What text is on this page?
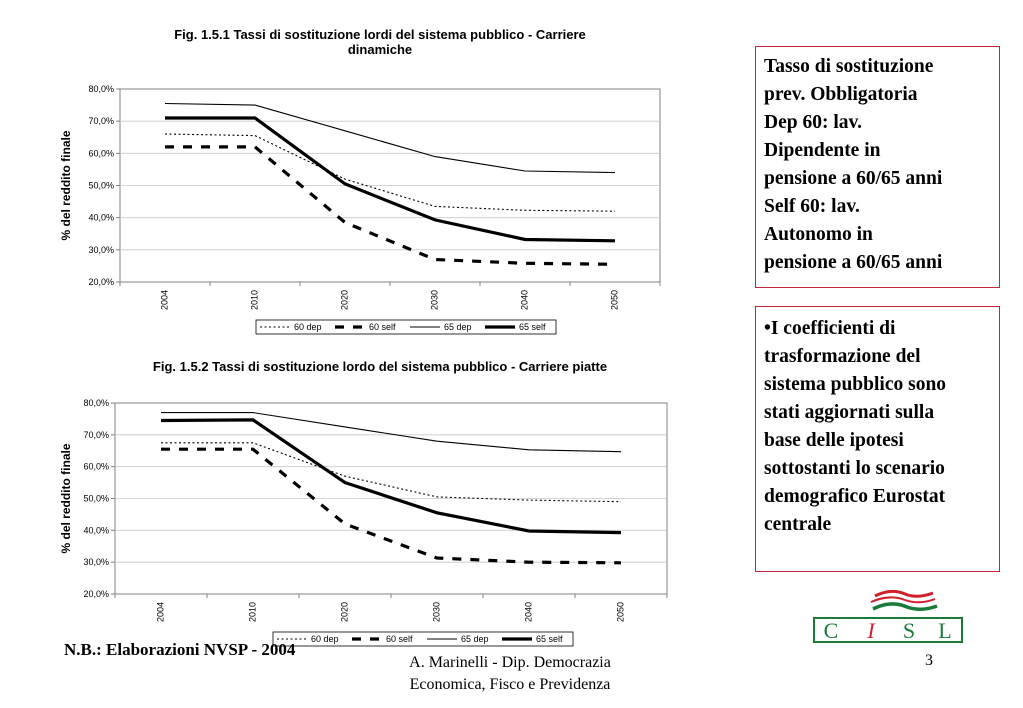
Fig. 1.5.1 Tassi di sostituzione lordi del sistema pubblico - Carriere
dinamiche
20,0%
30,0%
40,0%
50,0%
60,0%
70,0%
80,0%
2004	2010	2020	2030	2040	2050
% del reddito finale
60 dep	60 self	65 dep	65 self
Fig. 1.5.2 Tassi di sostituzione lordo del sistema pubblico - Carriere piatte
20,0%
30,0%
40,0%
50,0%
60,0%
70,0%
80,0%
2004	2010	2020	2030	2040	2050
% del reddito finale
60 dep	60 self	65 dep	65 self
Tasso di sostituzione
prev. Obbligatoria
Dep 60: lav.
Dipendente in
pensione a 60/65 anni
Self 60: lav.
Autonomo in
pensione a 60/65 anni
•I coefficienti di
trasformazione del
sistema pubblico sono
stati aggiornati sulla
base delle ipotesi
sottostanti lo scenario
demografico Eurostat
centrale
N.B.: Elaborazioni NVSP - 2004
A. Marinelli - Dip. Democrazia
Economica, Fisco e Previdenza
3
C I S L
